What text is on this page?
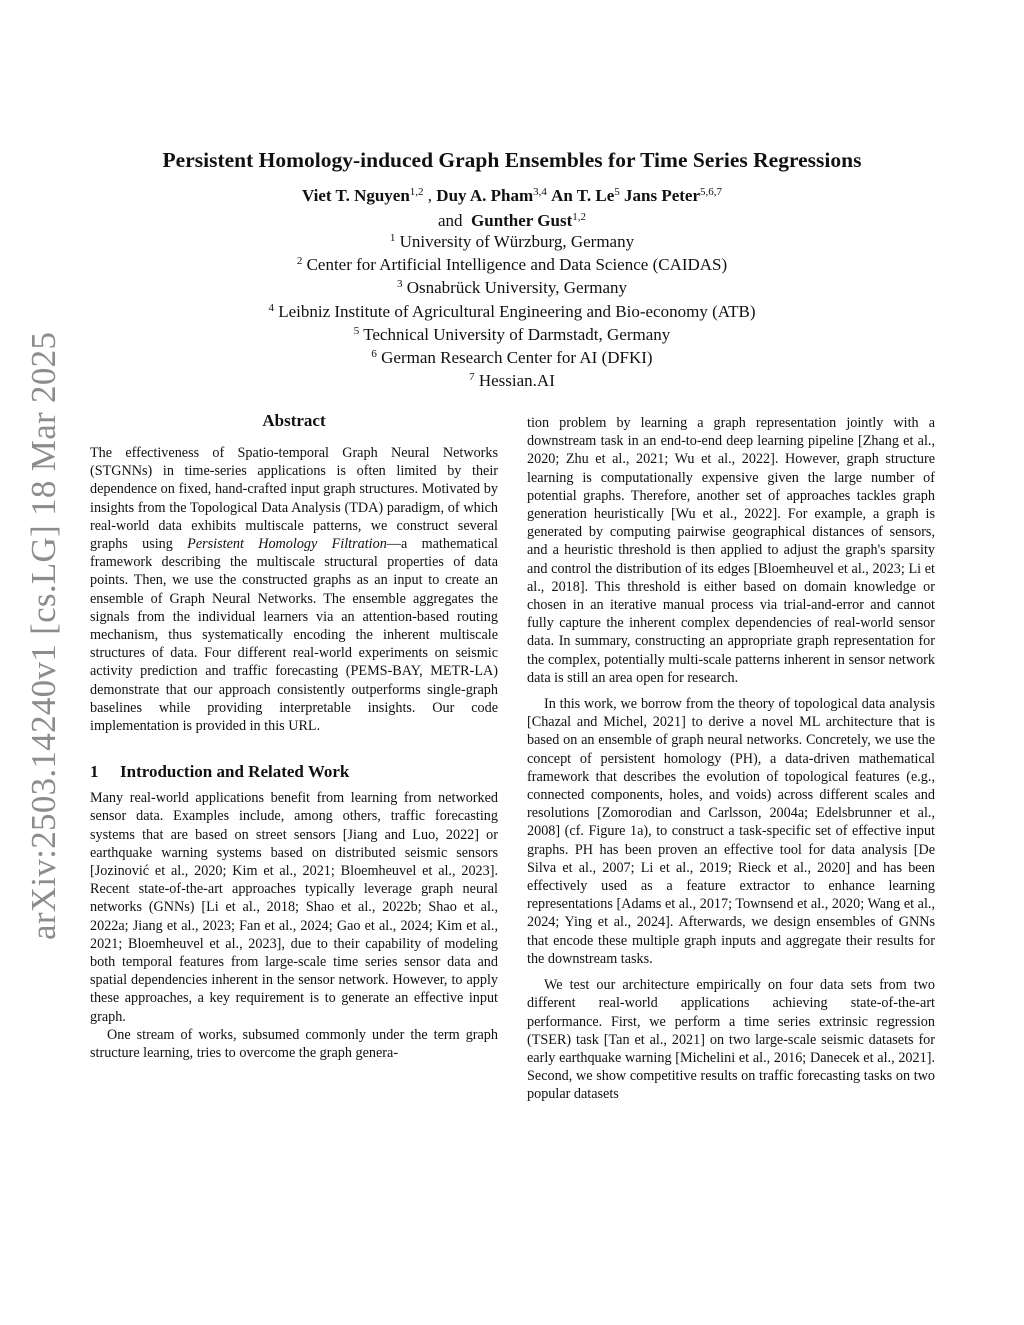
arXiv:2503.14240v1 [cs.LG] 18 Mar 2025
Persistent Homology-induced Graph Ensembles for Time Series Regressions
Viet T. Nguyen$^{1,2}$ , Duy A. Pham$^{3,4}$ An T. Le$^5$ Jans Peter$^{5,6,7}$
and Gunther Gust$^{1,2}$
$^1$ University of Würzburg, Germany
$^2$ Center for Artificial Intelligence and Data Science (CAIDAS)
$^3$ Osnabrück University, Germany
$^4$ Leibniz Institute of Agricultural Engineering and Bio-economy (ATB)
$^5$ Technical University of Darmstadt, Germany
$^6$ German Research Center for AI (DFKI)
$^7$ Hessian.AI
Abstract

The effectiveness of Spatio-temporal Graph Neural Networks (STGNNs) in time-series applications is often limited by their dependence on fixed, hand-crafted input graph structures. Motivated by insights from the Topological Data Analysis (TDA) paradigm, of which real-world data exhibits multiscale patterns, we construct several graphs using Persistent Homology Filtration—a mathematical framework describing the multiscale structural properties of data points. Then, we use the constructed graphs as an input to create an ensemble of Graph Neural Networks. The ensemble aggregates the signals from the individual learners via an attention-based routing mechanism, thus systematically encoding the inherent multiscale structures of data. Four different real-world experiments on seismic activity prediction and traffic forecasting (PEMS-BAY, METR-LA) demonstrate that our approach consistently outperforms single-graph baselines while providing interpretable insights. Our code implementation is provided in this URL.

1 Introduction and Related Work

Many real-world applications benefit from learning from networked sensor data. Examples include, among others, traffic forecasting systems that are based on street sensors [Jiang and Luo, 2022] or earthquake warning systems based on distributed seismic sensors [Jozinović et al., 2020; Kim et al., 2021; Bloemheuvel et al., 2023]. Recent state-of-the-art approaches typically leverage graph neural networks (GNNs) [Li et al., 2018; Shao et al., 2022b; Shao et al., 2022a; Jiang et al., 2023; Fan et al., 2024; Gao et al., 2024; Kim et al., 2021; Bloemheuvel et al., 2023], due to their capability of modeling both temporal features from large-scale time series sensor data and spatial dependencies inherent in the sensor network. However, to apply these approaches, a key requirement is to generate an effective input graph.

One stream of works, subsumed commonly under the term graph structure learning, tries to overcome the graph genera-

tion problem by learning a graph representation jointly with a downstream task in an end-to-end deep learning pipeline [Zhang et al., 2020; Zhu et al., 2021; Wu et al., 2022]. However, graph structure learning is computationally expensive given the large number of potential graphs. Therefore, another set of approaches tackles graph generation heuristically [Wu et al., 2022]. For example, a graph is generated by computing pairwise geographical distances of sensors, and a heuristic threshold is then applied to adjust the graph's sparsity and control the distribution of its edges [Bloemheuvel et al., 2023; Li et al., 2018]. This threshold is either based on domain knowledge or chosen in an iterative manual process via trial-and-error and cannot fully capture the inherent complex dependencies of real-world sensor data. In summary, constructing an appropriate graph representation for the complex, potentially multi-scale patterns inherent in sensor network data is still an area open for research.

In this work, we borrow from the theory of topological data analysis [Chazal and Michel, 2021] to derive a novel ML architecture that is based on an ensemble of graph neural networks. Concretely, we use the concept of persistent homology (PH), a data-driven mathematical framework that describes the evolution of topological features (e.g., connected components, holes, and voids) across different scales and resolutions [Zomorodian and Carlsson, 2004a; Edelsbrunner et al., 2008] (cf. Figure 1a), to construct a task-specific set of effective input graphs. PH has been proven an effective tool for data analysis [De Silva et al., 2007; Li et al., 2019; Rieck et al., 2020] and has been effectively used as a feature extractor to enhance learning representations [Adams et al., 2017; Townsend et al., 2020; Wang et al., 2024; Ying et al., 2024]. Afterwards, we design ensembles of GNNs that encode these multiple graph inputs and aggregate their results for the downstream tasks.

We test our architecture empirically on four data sets from two different real-world applications achieving state-of-the-art performance. First, we perform a time series extrinsic regression (TSER) task [Tan et al., 2021] on two large-scale seismic datasets for early earthquake warning [Michelini et al., 2016; Danecek et al., 2021]. Second, we show competitive results on traffic forecasting tasks on two popular datasets
